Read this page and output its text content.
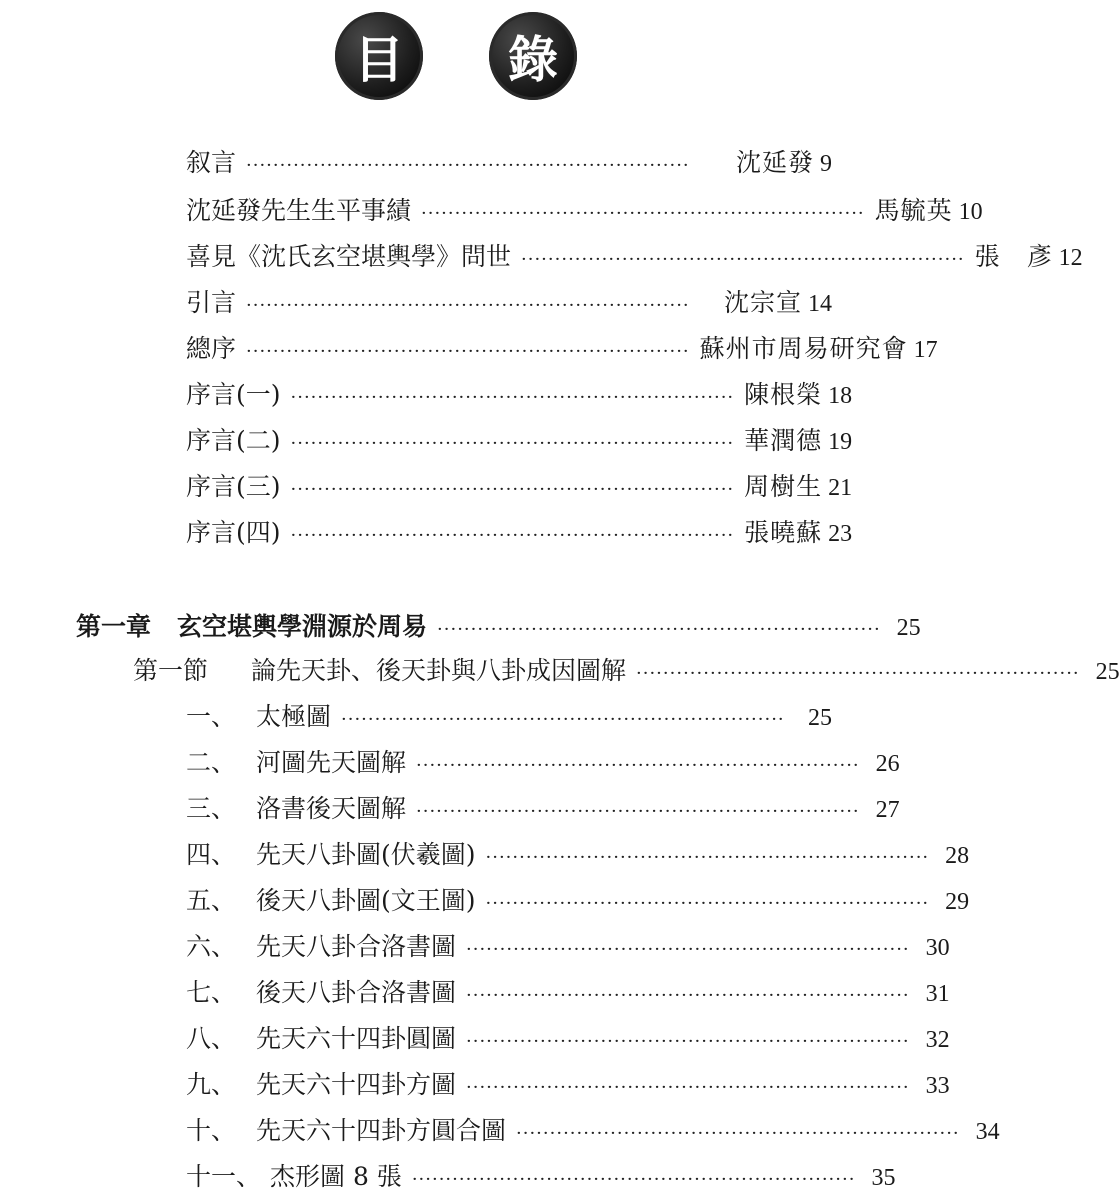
目 錄
叙言 ··································································	沈延發 9
沈延發先生生平事績 ·································································· 馬毓英 10
喜見《沈氏玄空堪輿學》問世 ·································································· 張　彥 12
引言 ··································································	沈宗宣 14
總序 ·································································· 蘇州市周易研究會 17
序言(一) ·································································· 陳根榮 18
序言(二) ·································································· 華潤德 19
序言(三) ·································································· 周樹生 21
序言(四) ·································································· 張曉蘇 23
第一章 玄空堪輿學淵源於周易 ·································································· 25
第一節	論先天卦、後天卦與八卦成因圖解 ·································································· 25
一、 太極圖 ·································································· 25
二、 河圖先天圖解 ·································································· 26
三、 洛書後天圖解 ·································································· 27
四、 先天八卦圖(伏羲圖) ·································································· 28
五、 後天八卦圖(文王圖) ·································································· 29
六、 先天八卦合洛書圖 ·································································· 30
七、 後天八卦合洛書圖 ·································································· 31
八、 先天六十四卦圓圖 ·································································· 32
九、 先天六十四卦方圖 ·································································· 33
十、 先天六十四卦方圓合圖 ·································································· 34
十一、 杰形圖 8 張 ·································································· 35
